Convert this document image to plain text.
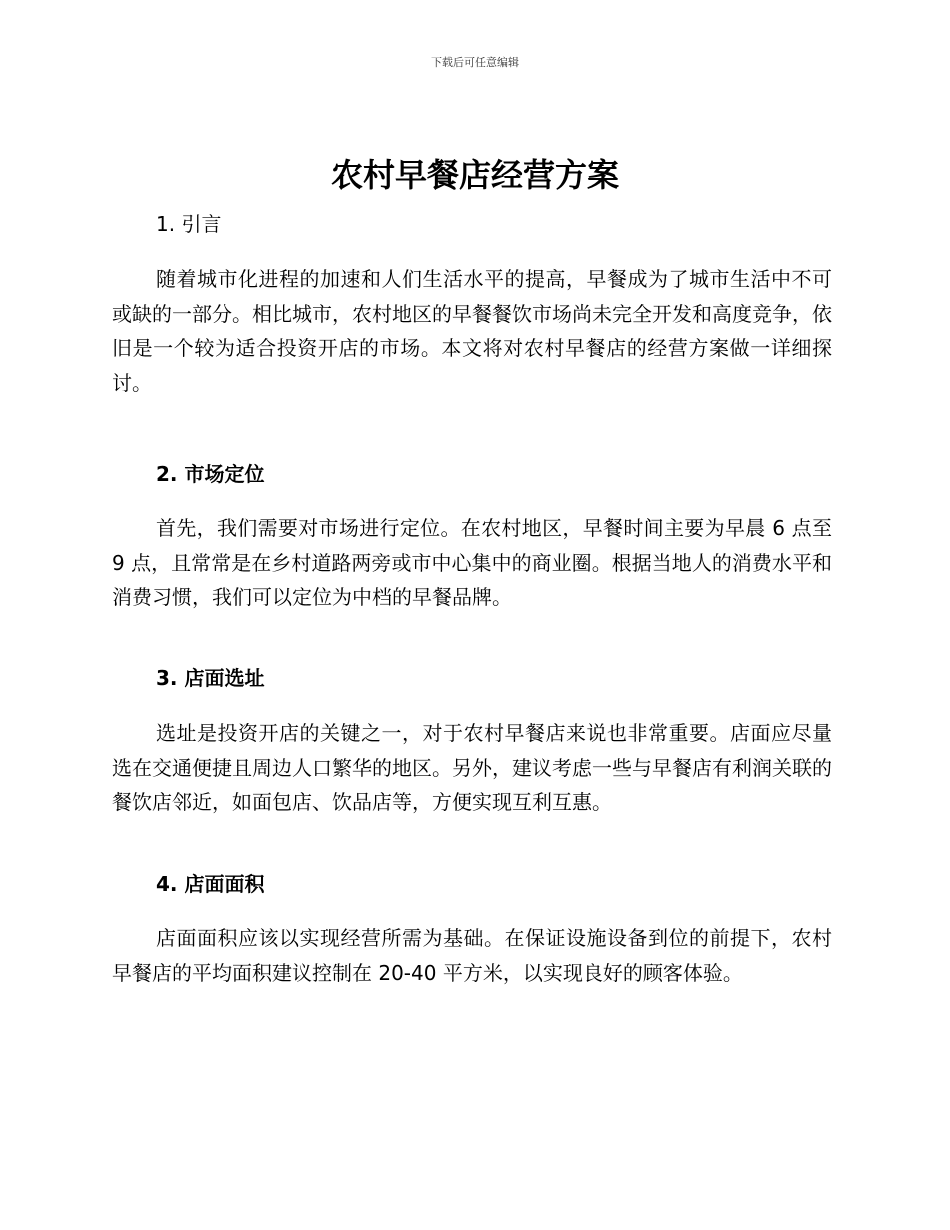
下载后可任意编辑
农村早餐店经营方案
1. 引言

随着城市化进程的加速和人们生活水平的提高，早餐成为了城市生活中不可或缺的一部分。相比城市，农村地区的早餐餐饮市场尚未完全开发和高度竞争，依旧是一个较为适合投资开店的市场。本文将对农村早餐店的经营方案做一详细探讨。

2. 市场定位

首先，我们需要对市场进行定位。在农村地区，早餐时间主要为早晨 6 点至 9 点，且常常是在乡村道路两旁或市中心集中的商业圈。根据当地人的消费水平和消费习惯，我们可以定位为中档的早餐品牌。

3. 店面选址

选址是投资开店的关键之一，对于农村早餐店来说也非常重要。店面应尽量选在交通便捷且周边人口繁华的地区。另外，建议考虑一些与早餐店有利润关联的餐饮店邻近，如面包店、饮品店等，方便实现互利互惠。

4. 店面面积

店面面积应该以实现经营所需为基础。在保证设施设备到位的前提下，农村早餐店的平均面积建议控制在 20-40 平方米，以实现良好的顾客体验。
